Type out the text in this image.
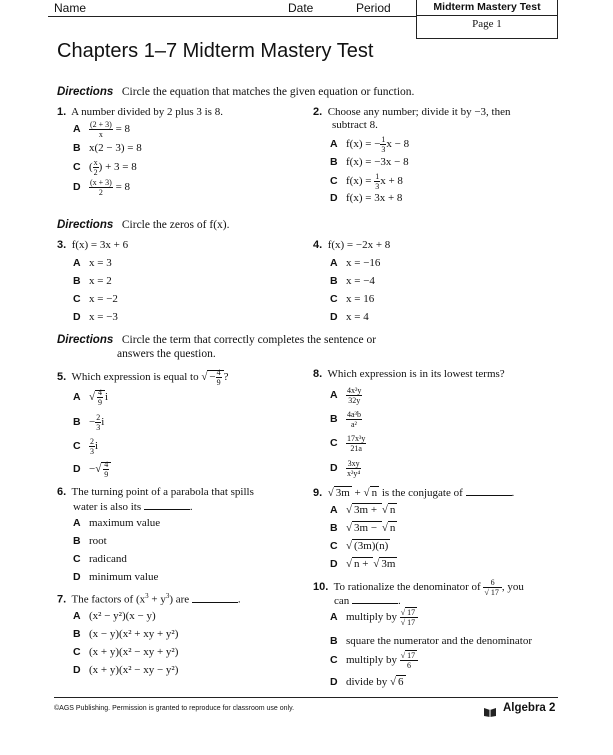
Name	Date	Period	Midterm Mastery Test
Page 1
Chapters 1–7 Midterm Mastery Test
Directions Circle the equation that matches the given equation or function.
1. A number divided by 2 plus 3 is 8.
A $\frac{(2 + 3)}{x} = 8$
B x(2 − 3) = 8
C ( $\frac{x}{2}$ ) + 3 = 8
D $\frac{(x + 3)}{2} = 8$
2. Choose any number; divide it by −3, then
subtract 8.
A f(x) = − $\frac{1}{3}$ x − 8
B f(x) = −3x − 8
C $f(x) = \frac{1}{3}$ x + 8
D f(x) = 3x + 8
Directions Circle the zeros of f(x).
3. f(x) = 3x + 6
A x = 3
B x = 2
C x = −2
D x = −3
4. f(x) = −2x + 8
A x = −16
B x = −4
C x = 16
D x = 4
Directions Circle the term that correctly completes the sentence or
answers the question.
5. Which expression is equal to √ − $\frac{4}{9}$ ?
A √ $\frac{4}{9}$ i
$B - \frac{2}{3}$ i
C $\frac{2}{3}$ i
D −√ $\frac{4}{9}$
6. The turning point of a parabola that spills
water is also its	.
A maximum value
B root
C radicand
D minimum value
7. The factors of $(x^3 + y^3)$ are	.
A (x² − y²)(x − y)
B (x − y)(x² + xy + y²)
C (x + y)(x² − xy + y²)
D (x + y)(x² − xy − y²)
8. Which expression is in its lowest terms?
A $\frac{\text{4x²y}}{32y}$
B $\frac{\text{4a³b}}{\text{a²}}$
C $\frac{\text{17x³y}}{21a}$
D $\frac{3xy}{\text{x²y⁴}}$
9.  √ 3m + √ n is the conjugate of	.
A √ 3m + √ n
B √ 3m − √ n
C √ (3m)(n)
D √ n + √ 3m
10. To rationalize the denominator of $\frac{6}{√ 17}$ , you
can	.
A multiply by $\frac{√ 17}{√ 17}$
B square the numerator and the denominator
C multiply by $\frac{√ 17}{6}$
D divide by √ 6
©AGS Publishing. Permission is granted to reproduce for classroom use only.	Algebra 2
